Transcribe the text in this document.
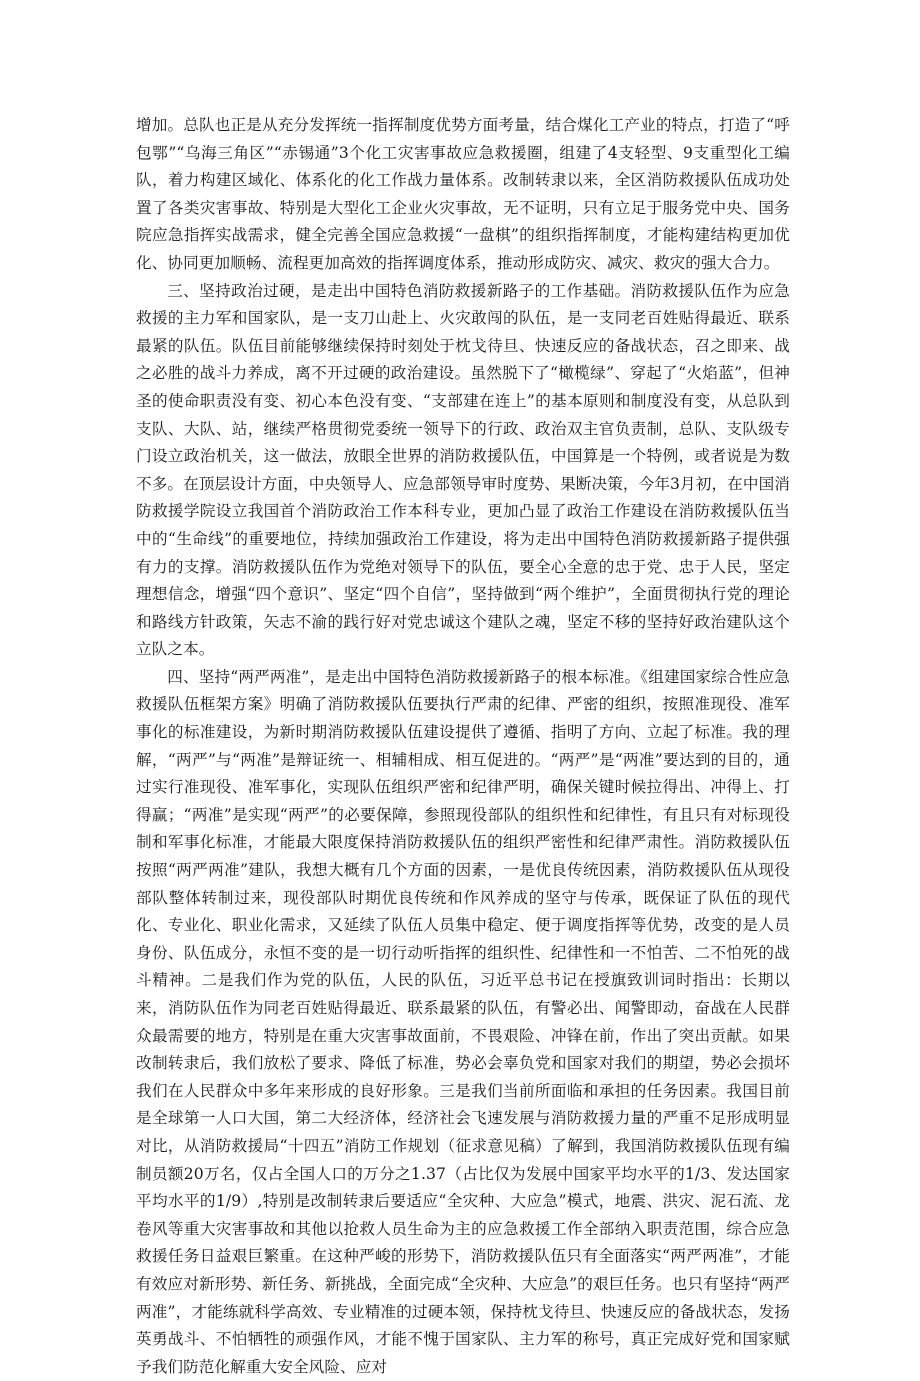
增加。总队也正是从充分发挥统一指挥制度优势方面考量，结合煤化工产业的特点，打造了“呼包鄂”“乌海三角区”“赤锡通”3个化工灾害事故应急救援圈，组建了4支轻型、9支重型化工编队，着力构建区域化、体系化的化工作战力量体系。改制转隶以来，全区消防救援队伍成功处置了各类灾害事故、特别是大型化工企业火灾事故，无不证明，只有立足于服务党中央、国务院应急指挥实战需求，健全完善全国应急救援“一盘棋”的组织指挥制度，才能构建结构更加优化、协同更加顺畅、流程更加高效的指挥调度体系，推动形成防灾、减灾、救灾的强大合力。

三、坚持政治过硬，是走出中国特色消防救援新路子的工作基础。消防救援队伍作为应急救援的主力军和国家队，是一支刀山赴上、火灾敢闯的队伍，是一支同老百姓贴得最近、联系最紧的队伍。队伍目前能够继续保持时刻处于枕戈待旦、快速反应的备战状态，召之即来、战之必胜的战斗力养成，离不开过硬的政治建设。虽然脱下了“橄榄绿”、穿起了“火焰蓝”，但神圣的使命职责没有变、初心本色没有变、“支部建在连上”的基本原则和制度没有变，从总队到支队、大队、站，继续严格贯彻党委统一领导下的行政、政治双主官负责制，总队、支队级专门设立政治机关，这一做法，放眼全世界的消防救援队伍，中国算是一个特例，或者说是为数不多。在顶层设计方面，中央领导人、应急部领导审时度势、果断决策，今年3月初，在中国消防救援学院设立我国首个消防政治工作本科专业，更加凸显了政治工作建设在消防救援队伍当中的“生命线”的重要地位，持续加强政治工作建设，将为走出中国特色消防救援新路子提供强有力的支撑。消防救援队伍作为党绝对领导下的队伍，要全心全意的忠于党、忠于人民，坚定理想信念，增强“四个意识”、坚定“四个自信”，坚持做到“两个维护”，全面贯彻执行党的理论和路线方针政策，矢志不渝的践行好对党忠诚这个建队之魂，坚定不移的坚持好政治建队这个立队之本。

四、坚持“两严两准”，是走出中国特色消防救援新路子的根本标准。《组建国家综合性应急救援队伍框架方案》明确了消防救援队伍要执行严肃的纪律、严密的组织，按照准现役、准军事化的标准建设，为新时期消防救援队伍建设提供了遵循、指明了方向、立起了标准。我的理解，“两严”与“两准”是辩证统一、相辅相成、相互促进的。“两严”是“两准”要达到的目的，通过实行准现役、准军事化，实现队伍组织严密和纪律严明，确保关键时候拉得出、冲得上、打得赢；“两准”是实现“两严”的必要保障，参照现役部队的组织性和纪律性，有且只有对标现役制和军事化标准，才能最大限度保持消防救援队伍的组织严密性和纪律严肃性。消防救援队伍按照“两严两准”建队，我想大概有几个方面的因素，一是优良传统因素，消防救援队伍从现役部队整体转制过来，现役部队时期优良传统和作风养成的坚守与传承，既保证了队伍的现代化、专业化、职业化需求，又延续了队伍人员集中稳定、便于调度指挥等优势，改变的是人员身份、队伍成分，永恒不变的是一切行动听指挥的组织性、纪律性和一不怕苦、二不怕死的战斗精神。二是我们作为党的队伍，人民的队伍，习近平总书记在授旗致训词时指出：长期以来，消防队伍作为同老百姓贴得最近、联系最紧的队伍，有警必出、闻警即动，奋战在人民群众最需要的地方，特别是在重大灾害事故面前，不畏艰险、冲锋在前，作出了突出贡献。如果改制转隶后，我们放松了要求、降低了标准，势必会辜负党和国家对我们的期望，势必会损坏我们在人民群众中多年来形成的良好形象。三是我们当前所面临和承担的任务因素。我国目前是全球第一人口大国，第二大经济体，经济社会飞速发展与消防救援力量的严重不足形成明显对比，从消防救援局“十四五”消防工作规划（征求意见稿）了解到，我国消防救援队伍现有编制员额20万名，仅占全国人口的万分之1.37（占比仅为发展中国家平均水平的1/3、发达国家平均水平的1/9）,特别是改制转隶后要适应“全灾种、大应急”模式，地震、洪灾、泥石流、龙卷风等重大灾害事故和其他以抢救人员生命为主的应急救援工作全部纳入职责范围，综合应急救援任务日益艰巨繁重。在这种严峻的形势下，消防救援队伍只有全面落实“两严两准”，才能有效应对新形势、新任务、新挑战，全面完成“全灾种、大应急”的艰巨任务。也只有坚持“两严两准”，才能练就科学高效、专业精准的过硬本领，保持枕戈待旦、快速反应的备战状态，发扬英勇战斗、不怕牺牲的顽强作风，才能不愧于国家队、主力军的称号，真正完成好党和国家赋予我们防范化解重大安全风险、应对
